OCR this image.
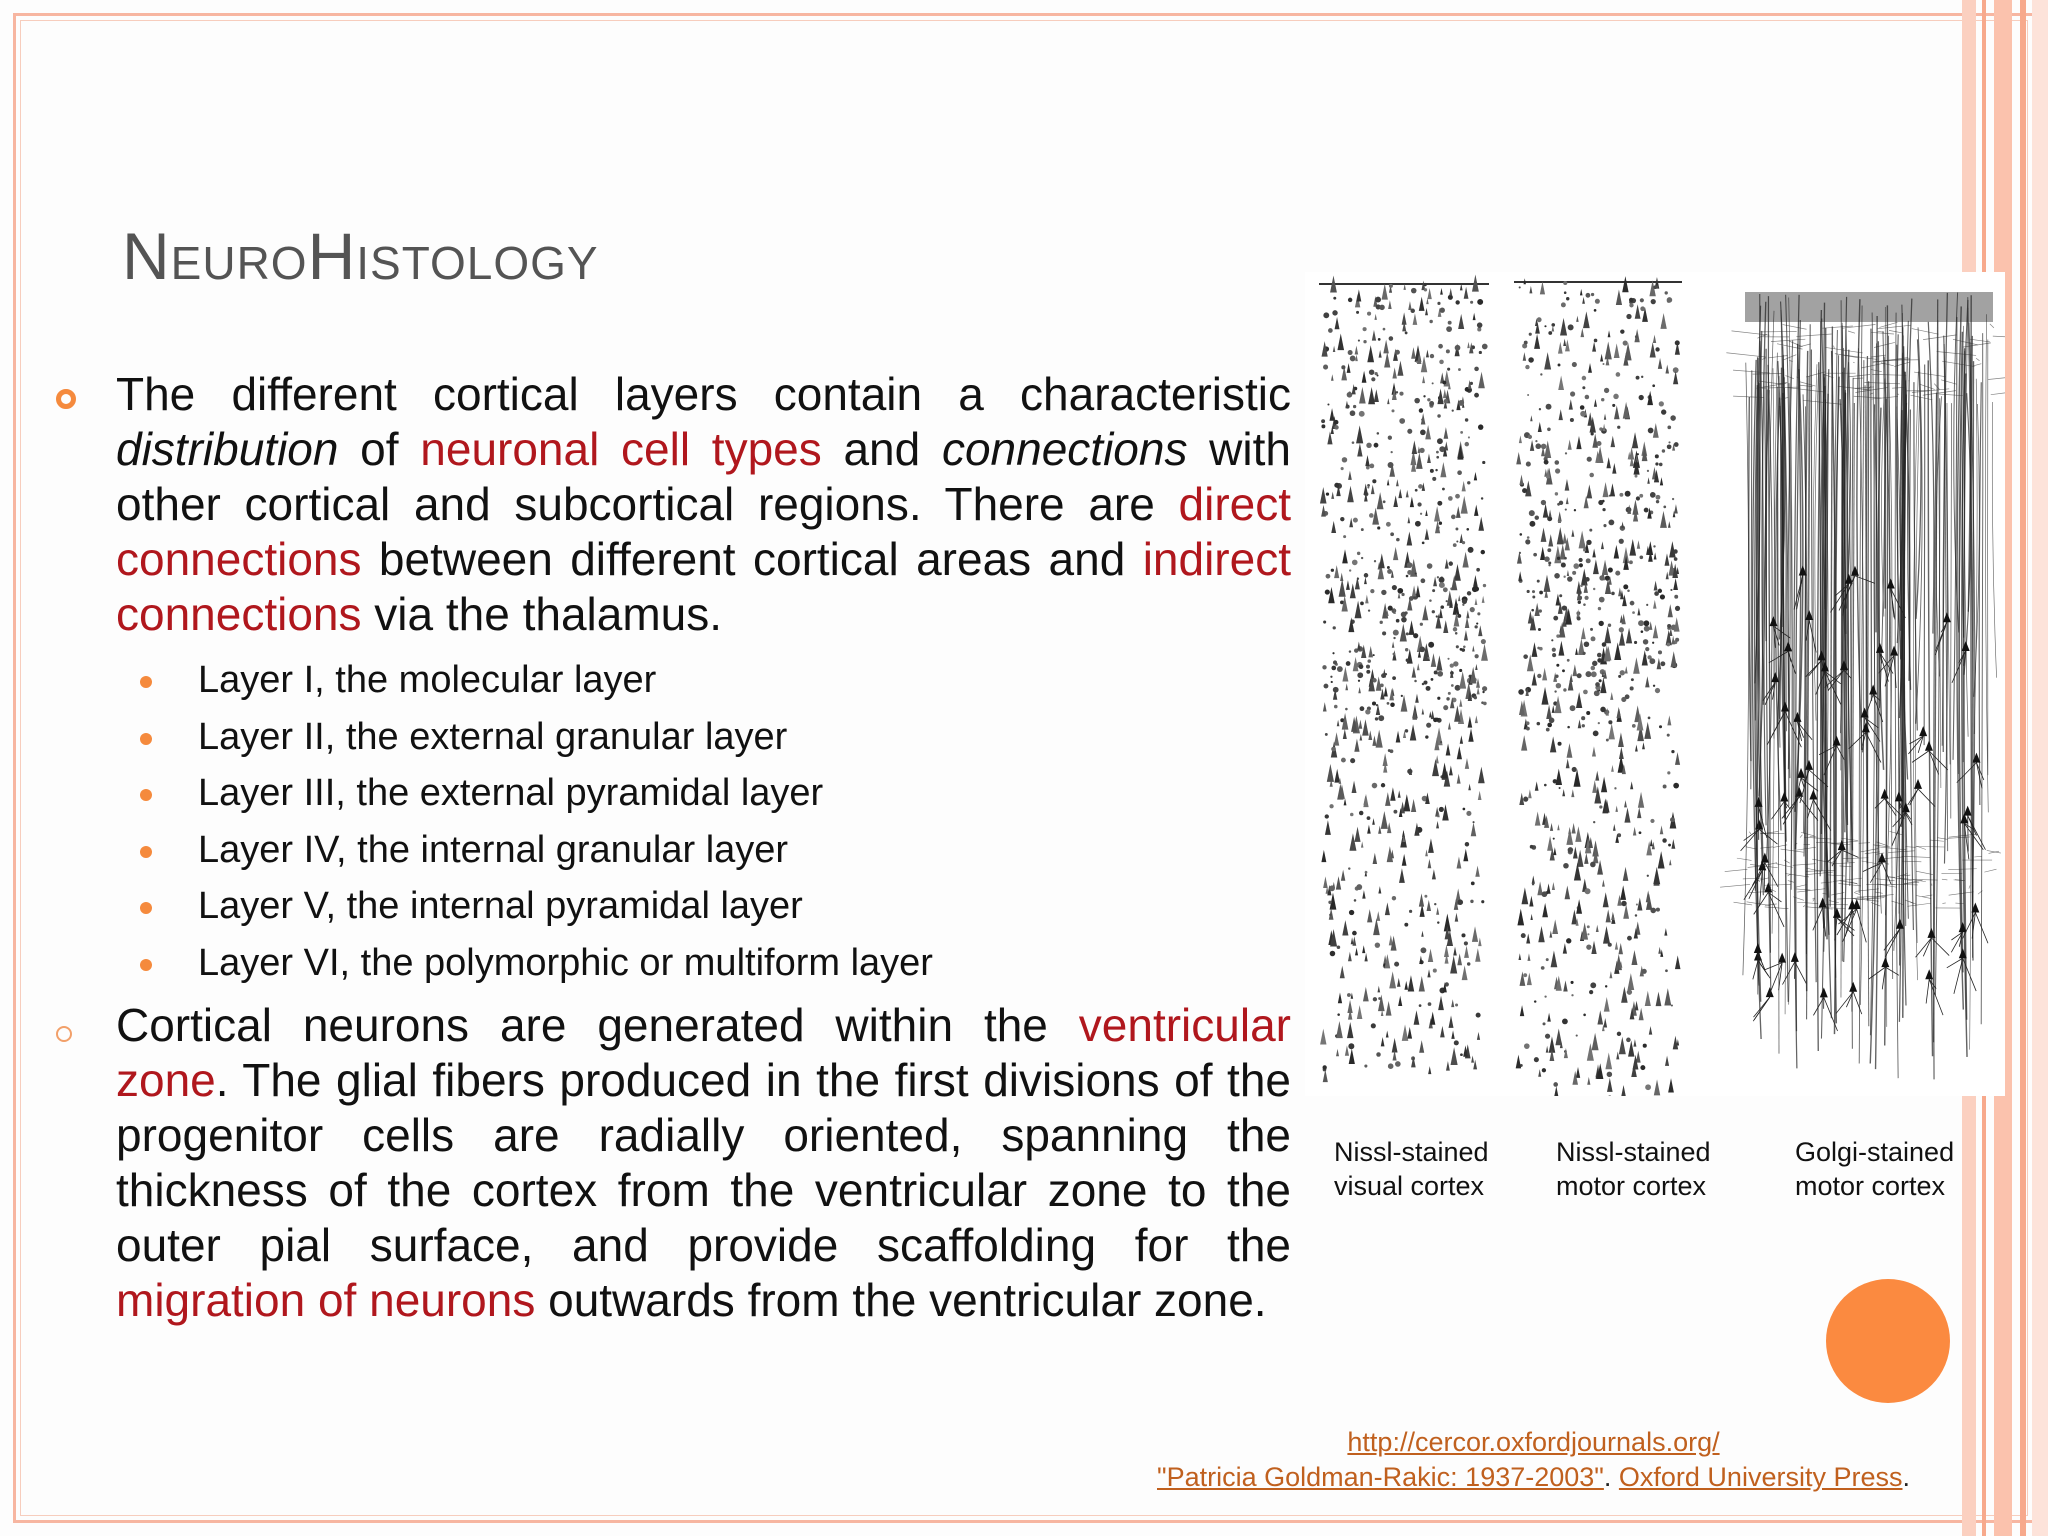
NeuroHistology

The different cortical layers contain a characteristic distribution of neuronal cell types and connections with other cortical and subcortical regions. There are direct connections between different cortical areas and indirect connections via the thalamus.

Layer I, the molecular layer
Layer II, the external granular layer
Layer III, the external pyramidal layer
Layer IV, the internal granular layer
Layer V, the internal pyramidal layer
Layer VI, the polymorphic or multiform layer

Cortical neurons are generated within the ventricular zone. The glial fibers produced in the first divisions of the progenitor cells are radially oriented, spanning the thickness of the cortex from the ventricular zone to the outer pial surface, and provide scaffolding for the migration of neurons outwards from the ventricular zone.

Nissl-stained
visual cortex
Nissl-stained
motor cortex
Golgi-stained
motor cortex
http://cercor.oxfordjournals.org/
"Patricia Goldman-Rakic: 1937-2003". Oxford University Press.
